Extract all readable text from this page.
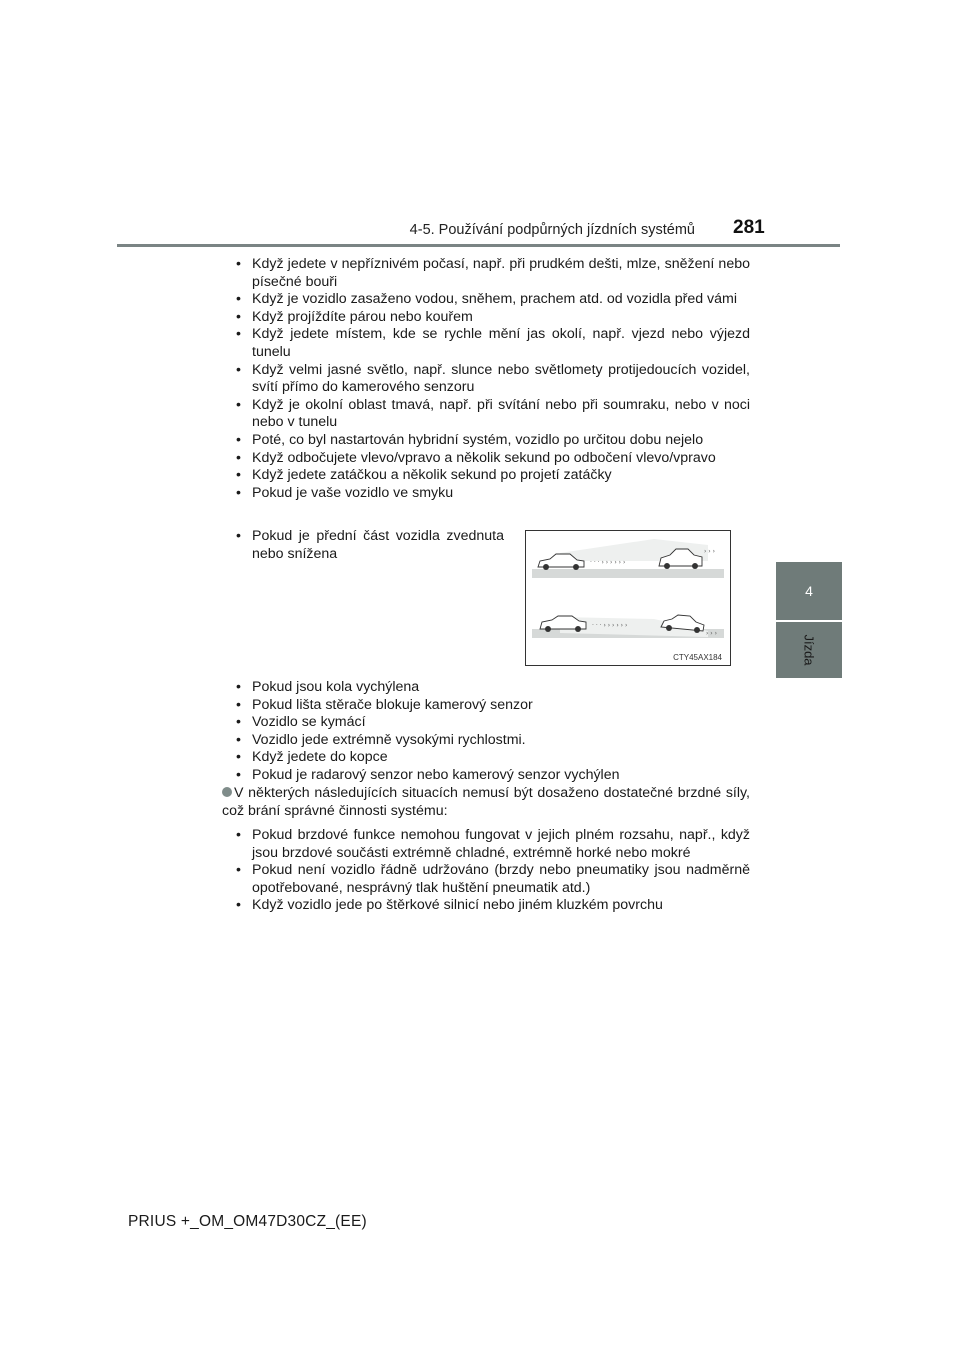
4-5. Používání podpůrných jízdních systémů 281
4
Jízda
• Když jedete v nepříznivém počasí, např. při prudkém dešti, mlze, sněžení nebo písečné bouři
• Když je vozidlo zasaženo vodou, sněhem, prachem atd. od vozidla před vámi
• Když projíždíte párou nebo kouřem
• Když jedete místem, kde se rychle mění jas okolí, např. vjezd nebo výjezd tunelu
• Když velmi jasné světlo, např. slunce nebo světlomety protijedoucích vozidel, svítí přímo do kamerového senzoru
• Když je okolní oblast tmavá, např. při svítání nebo při soumraku, nebo v noci nebo v tunelu
• Poté, co byl nastartován hybridní systém, vozidlo po určitou dobu nejelo
• Když odbočujete vlevo/vpravo a několik sekund po odbočení vlevo/vpravo
• Když jedete zatáčkou a několik sekund po projetí zatáčky
• Pokud je vaše vozidlo ve smyku
• Pokud je přední část vozidla zvednuta nebo snížena
· · · › › › › › ›
› › ›
· · · › › › › › ›
› › ›
CTY45AX184
• Pokud jsou kola vychýlena
• Pokud lišta stěrače blokuje kamerový senzor
• Vozidlo se kymácí
• Vozidlo jede extrémně vysokými rychlostmi.
• Když jedete do kopce
• Pokud je radarový senzor nebo kamerový senzor vychýlen
V některých následujících situacích nemusí být dosaženo dostatečné brzdné síly, což brání správné činnosti systému:
• Pokud brzdové funkce nemohou fungovat v jejich plném rozsahu, např., když jsou brzdové součásti extrémně chladné, extrémně horké nebo mokré
• Pokud není vozidlo řádně udržováno (brzdy nebo pneumatiky jsou nadměrně opotřebované, nesprávný tlak huštění pneumatik atd.)
• Když vozidlo jede po štěrkové silnicí nebo jiném kluzkém povrchu
PRIUS +_OM_OM47D30CZ_(EE)
